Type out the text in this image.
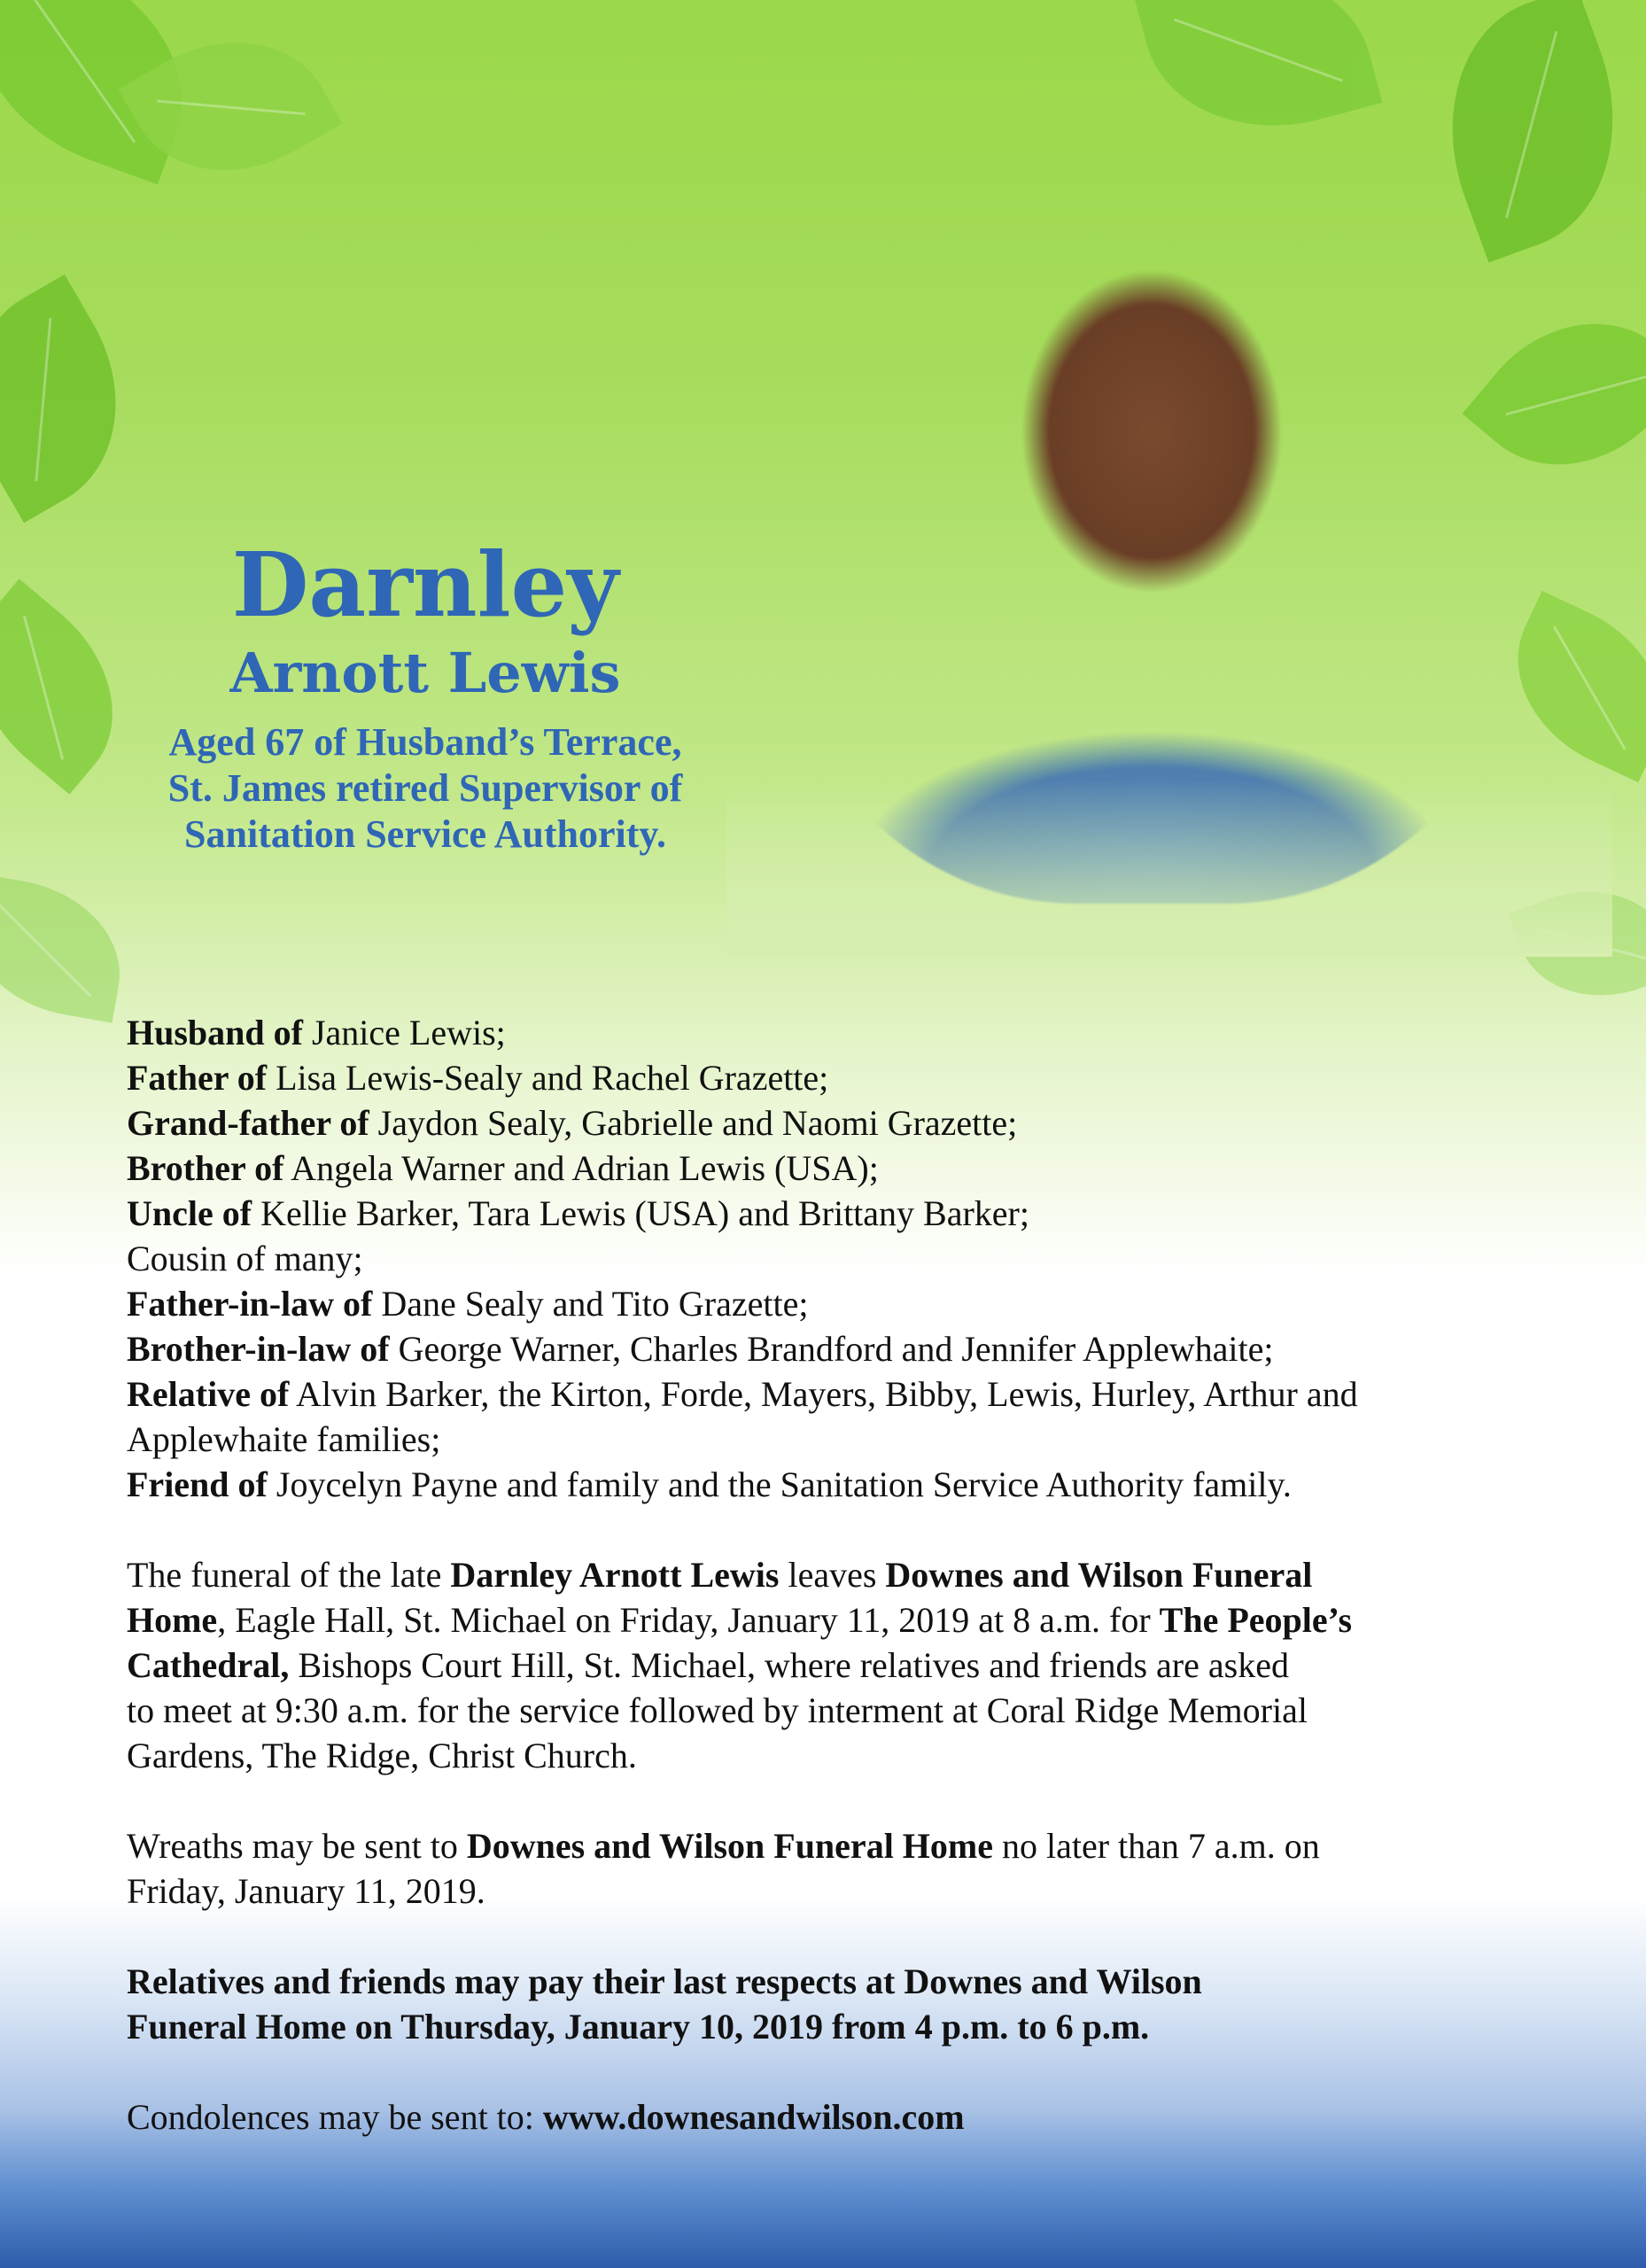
Darnley
Arnott Lewis
Aged 67 of Husband’s Terrace,
St. James retired Supervisor of
Sanitation Service Authority.

Husband of Janice Lewis;

Father of Lisa Lewis-Sealy and Rachel Grazette;

Grand-father of Jaydon Sealy, Gabrielle and Naomi Grazette;

Brother of Angela Warner and Adrian Lewis (USA);

Uncle of Kellie Barker, Tara Lewis (USA) and Brittany Barker;

Cousin of many;

Father-in-law of Dane Sealy and Tito Grazette;

Brother-in-law of George Warner, Charles Brandford and Jennifer Applewhaite;

Relative of Alvin Barker, the Kirton, Forde, Mayers, Bibby, Lewis, Hurley, Arthur and

Applewhaite families;

Friend of Joycelyn Payne and family and the Sanitation Service Authority family.

The funeral of the late Darnley Arnott Lewis leaves Downes and Wilson Funeral

Home, Eagle Hall, St. Michael on Friday, January 11, 2019 at 8 a.m. for The People’s

Cathedral, Bishops Court Hill, St. Michael, where relatives and friends are asked

to meet at 9:30 a.m. for the service followed by interment at Coral Ridge Memorial

Gardens, The Ridge, Christ Church.

Wreaths may be sent to Downes and Wilson Funeral Home no later than 7 a.m. on

Friday, January 11, 2019.

Relatives and friends may pay their last respects at Downes and Wilson

Funeral Home on Thursday, January 10, 2019 from 4 p.m. to 6 p.m.

Condolences may be sent to: www.downesandwilson.com
